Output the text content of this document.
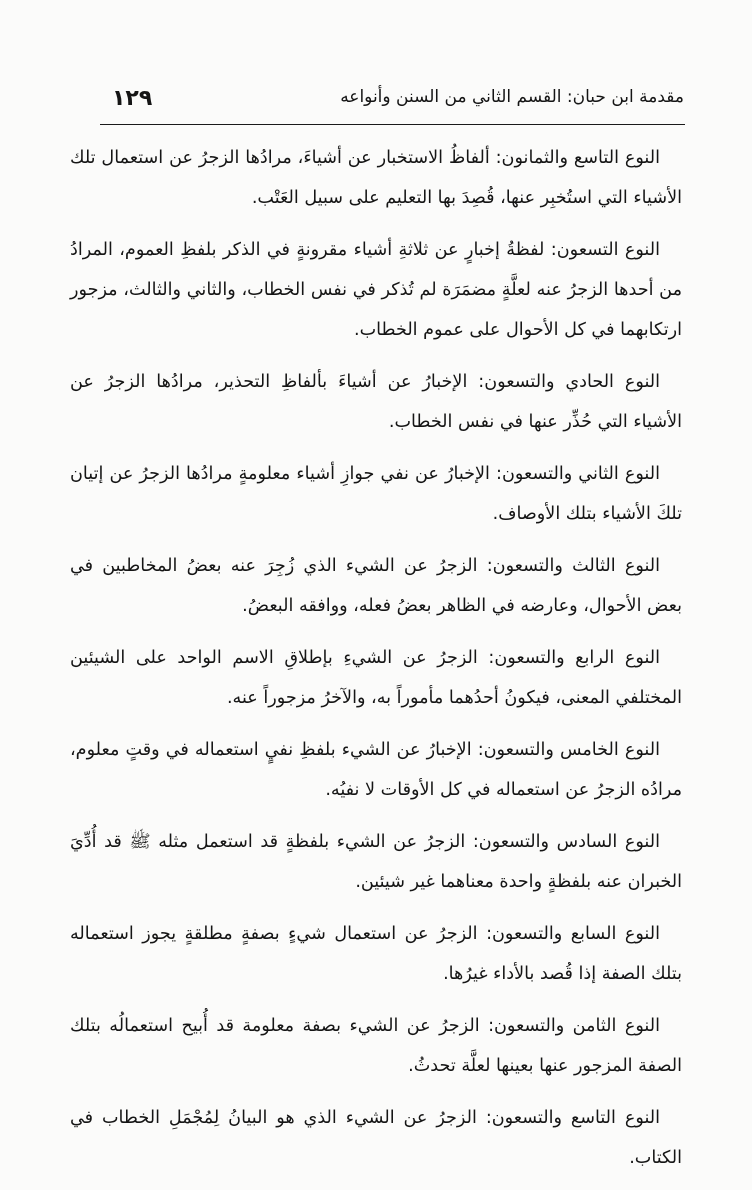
١٢٩	مقدمة ابن حبان: القسم الثاني من السنن وأنواعه

النوع التاسع والثمانون: ألفاظُ الاستخبار عن أشياءَ، مرادُها الزجرُ عن استعمال تلك الأشياء التي استُخبِر عنها، قُصِدَ بها التعليم على سبيل العَتْب.

النوع التسعون: لفظةُ إخبارٍ عن ثلاثةِ أشياء مقرونةٍ في الذكر بلفظِ العموم، المرادُ من أحدها الزجرُ عنه لعلَّةٍ مضمَرَة لم تُذكر في نفس الخطاب، والثاني والثالث، مزجور ارتكابهما في كل الأحوال على عموم الخطاب.

النوع الحادي والتسعون: الإخبارُ عن أشياءَ بألفاظِ التحذير، مرادُها الزجرُ عن الأشياء التي حُذِّر عنها في نفس الخطاب.

النوع الثاني والتسعون: الإخبارُ عن نفي جوازِ أشياء معلومةٍ مرادُها الزجرُ عن إتيان تلكَ الأشياء بتلك الأوصاف.

النوع الثالث والتسعون: الزجرُ عن الشيء الذي زُجِرَ عنه بعضُ المخاطبين في بعض الأحوال، وعارضه في الظاهر بعضُ فعله، ووافقه البعضُ.

النوع الرابع والتسعون: الزجرُ عن الشيءِ بإطلاقِ الاسم الواحد على الشيئين المختلفي المعنى، فيكونُ أحدُهما مأموراً به، والآخرُ مزجوراً عنه.

النوع الخامس والتسعون: الإخبارُ عن الشيء بلفظِ نفيٍ استعماله في وقتٍ معلوم، مرادُه الزجرُ عن استعماله في كل الأوقات لا نفيُه.

النوع السادس والتسعون: الزجرُ عن الشيء بلفظةٍ قد استعمل مثله ﷺ قد أُدِّيَ الخبران عنه بلفظةٍ واحدة معناهما غير شيئين.

النوع السابع والتسعون: الزجرُ عن استعمال شيءٍ بصفةٍ مطلقةٍ يجوز استعماله بتلك الصفة إذا قُصد بالأداء غيرُها.

النوع الثامن والتسعون: الزجرُ عن الشيء بصفة معلومة قد أُبيح استعمالُه بتلك الصفة المزجور عنها بعينها لعلَّة تحدثُ.

النوع التاسع والتسعون: الزجرُ عن الشيء الذي هو البيانُ لِمُجْمَلِ الخطاب في الكتاب.
